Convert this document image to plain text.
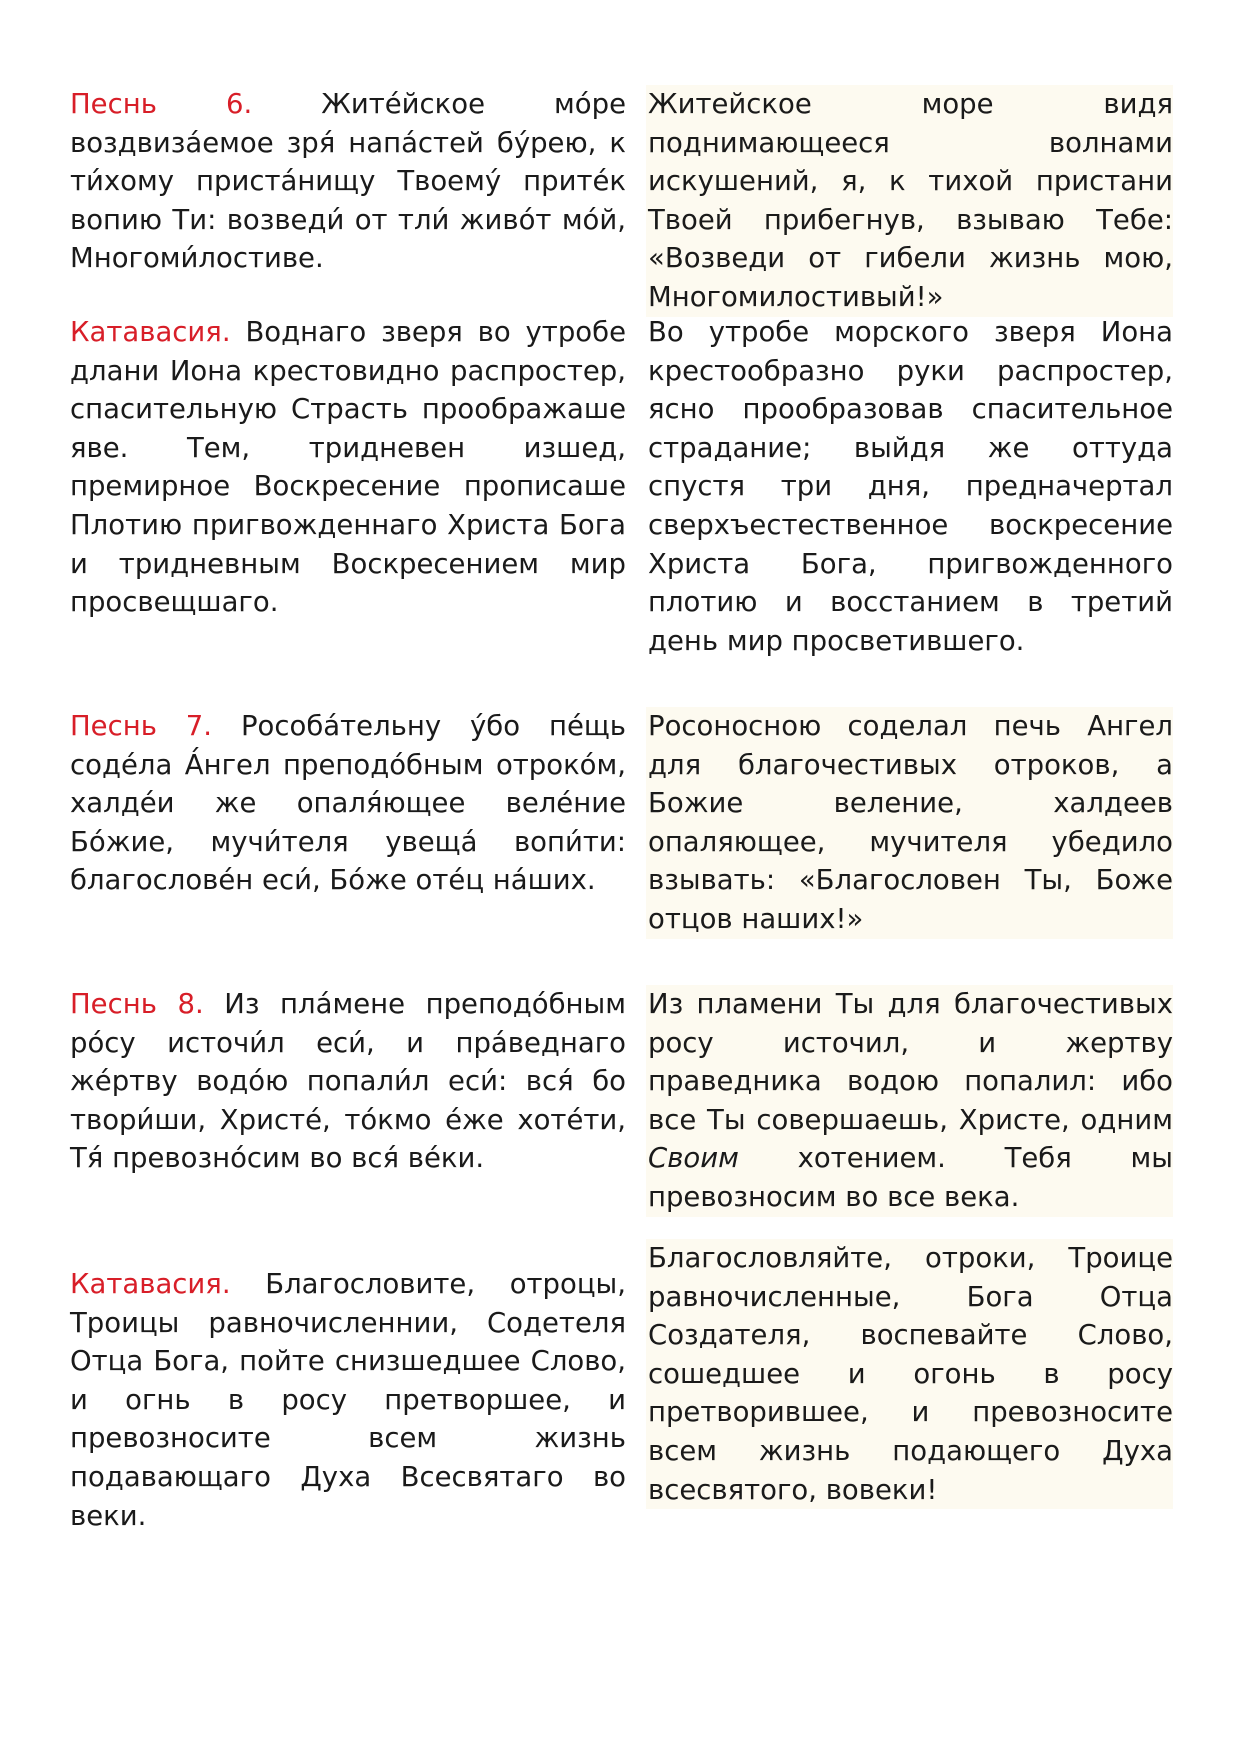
Песнь 6.	Жите́йское мо́ре воздвиза́емое зря́ напа́стей бу́рею, к ти́хому приста́нищу Твоему́ прите́к вопию Ти: возведи́ от тли́ живо́т мо́й, Многоми́лостиве.
Житейское море видя поднимающееся волнами искушений, я, к тихой пристани Твоей прибегнув, взываю Тебе: «Возведи от гибели жизнь мою, Многомилостивый!»
Катавасия. Воднаго зверя во утробе длани Иона крестовидно распростер, спасительную Страсть проображаше яве. Тем, тридневен изшед, премирное Воскресение прописаше Плотию пригвожденнаго Христа Бога и тридневным Воскресением мир просвещшаго.
Во утробе морского зверя Иона крестообразно руки распростер, ясно прообразовав спасительное страдание; выйдя же оттуда спустя три дня, предначертал сверхъестественное воскресение Христа Бога, пригвожденного плотию и восстанием в третий день мир просветившего.
Песнь 7. Рособа́тельну у́бо пе́щь соде́ла А́нгел преподо́бным отроко́м, халде́и же опаля́ющее веле́ние Бо́жие, мучи́теля увеща́ вопи́ти: благослове́н еси́, Бо́же оте́ц на́ших.
Росоносною соделал печь Ангел для благочестивых отроков, а Божие веление, халдеев опаляющее, мучителя убедило взывать: «Благословен Ты, Боже отцов наших!»
Песнь 8. Из пла́мене преподо́бным ро́су источи́л еси́, и пра́веднаго же́ртву водо́ю попали́л еси́: вся́ бо твори́ши, Христе́, то́кмо е́же хоте́ти, Тя́ превозно́сим во вся́ ве́ки.
Из пламени Ты для благочестивых росу источил, и жертву праведника водою попалил: ибо все Ты совершаешь, Христе, одним Своим хотением. Тебя мы превозносим во все века.
Катавасия. Благословите, отроцы, Троицы равночисленнии, Содетеля Отца Бога, пойте снизшедшее Слово, и огнь в росу претворшее, и превозносите всем жизнь подавающаго Духа Всесвятаго во веки.
Благословляйте, отроки, Троице равночисленные, Бога Отца Создателя, воспевайте Слово, сошедшее и огонь в росу претворившее, и превозносите всем жизнь подающего Духа всесвятого, вовеки!
